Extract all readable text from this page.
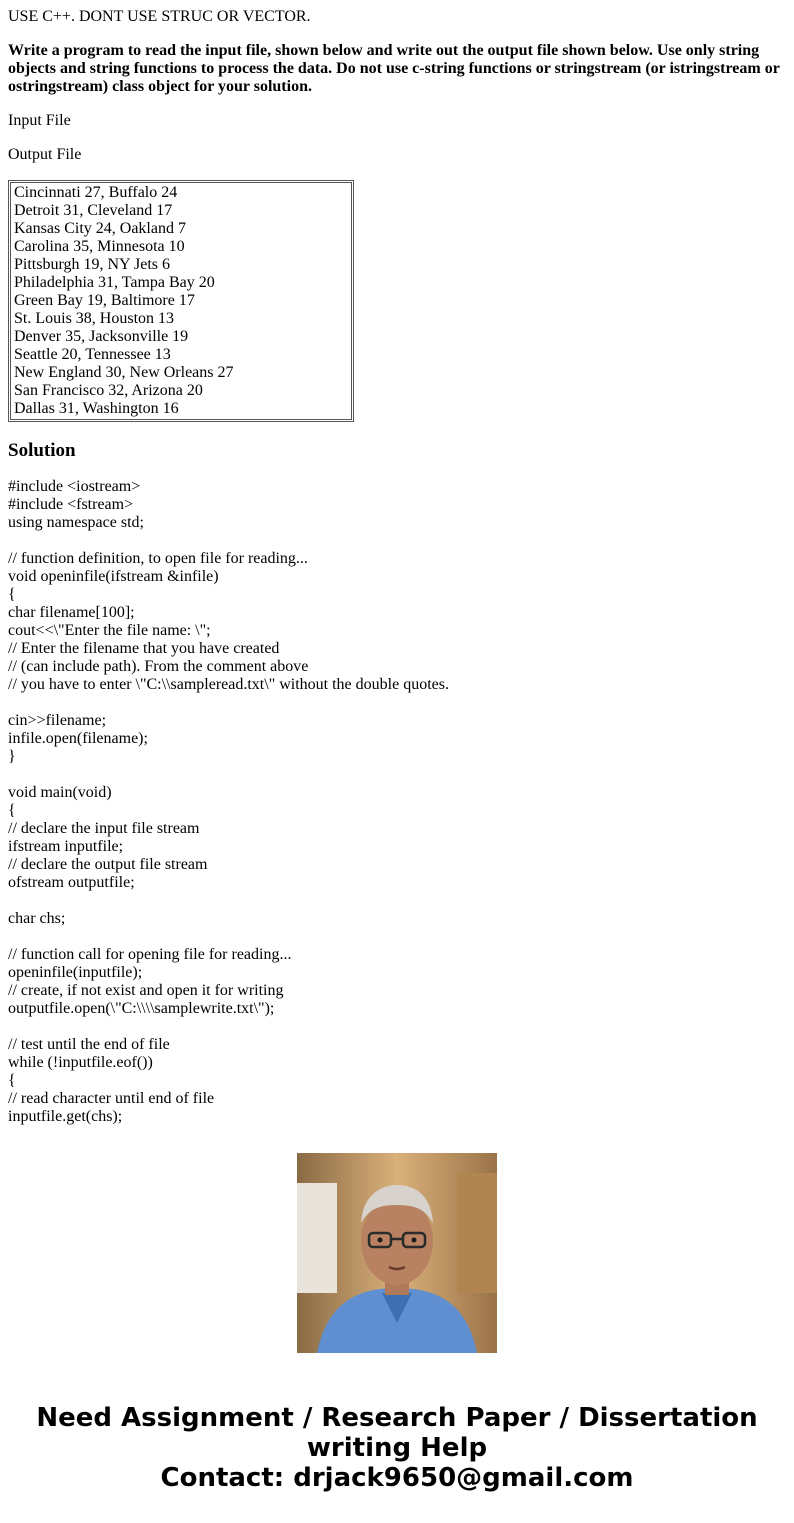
USE C++. DONT USE STRUC OR VECTOR.

Write a program to read the input file, shown below and write out the output file shown below. Use only string objects and string functions to process the data. Do not use c-string functions or stringstream (or istringstream or ostringstream) class object for your solution.

Input File

Output File

Cincinnati 27, Buffalo 24
Detroit 31, Cleveland 17
Kansas City 24, Oakland 7
Carolina 35, Minnesota 10
Pittsburgh 19, NY Jets 6
Philadelphia 31, Tampa Bay 20
Green Bay 19, Baltimore 17
St. Louis 38, Houston 13
Denver 35, Jacksonville 19
Seattle 20, Tennessee 13
New England 30, New Orleans 27
San Francisco 32, Arizona 20
Dallas 31, Washington 16
Solution
#include <iostream>
#include <fstream>
using namespace std;
// function definition, to open file for reading...
void openinfile(ifstream &infile)
{
char filename[100];
cout<<\"Enter the file name: \";
// Enter the filename that you have created
// (can include path). From the comment above
// you have to enter \"C:\\sampleread.txt\" without the double quotes.
cin>>filename;
infile.open(filename);
}
void main(void)
{
// declare the input file stream
ifstream inputfile;
// declare the output file stream
ofstream outputfile;
char chs;
// function call for opening file for reading...
openinfile(inputfile);
// create, if not exist and open it for writing
outputfile.open(\"C:\\\\samplewrite.txt\");
// test until the end of file
while (!inputfile.eof())
{
// read character until end of file
inputfile.get(chs);
Need Assignment / Research Paper / Dissertation
writing Help
Contact: drjack9650@gmail.com
